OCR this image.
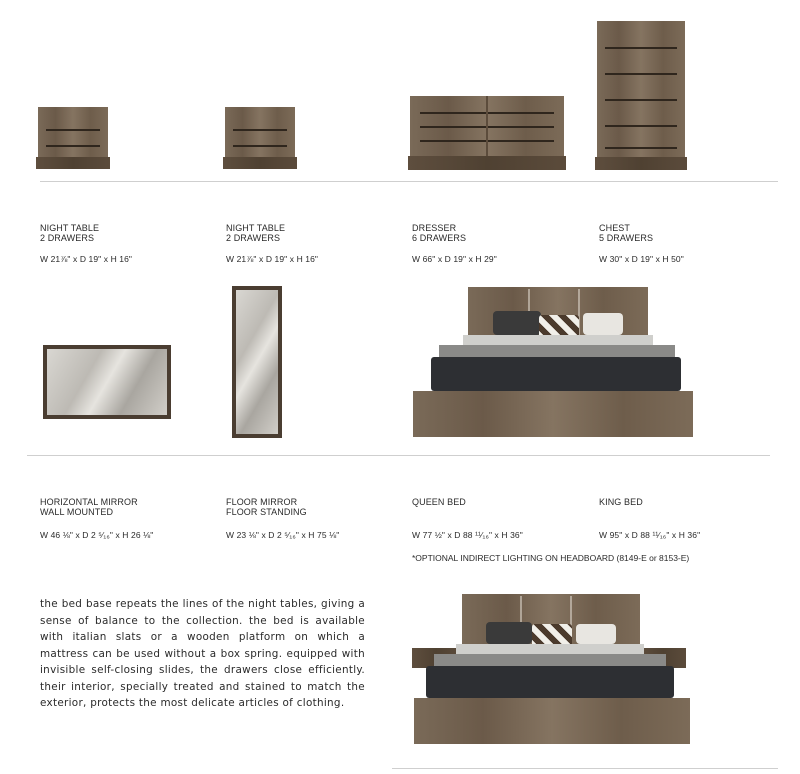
NIGHT TABLE
2 DRAWERS
W 21⅞" x D 19" x H 16"
NIGHT TABLE
2 DRAWERS
W 21⅞" x D 19" x H 16"
DRESSER
6 DRAWERS
W 66" x D 19" x H 29"
CHEST
5 DRAWERS
W 30" x D 19" x H 50"
HORIZONTAL MIRROR
WALL MOUNTED
W 46 ⅛" x D 2 ⁵⁄₁₆" x H 26 ⅛"
FLOOR MIRROR
FLOOR STANDING
W 23 ⅛" x D 2 ⁵⁄₁₆" x H 75 ⅛"
QUEEN BED
W 77 ½" x D 88 ¹¹⁄₁₆" x H 36"
KING BED
W 95" x D 88 ¹¹⁄₁₆" x H 36"
*OPTIONAL INDIRECT LIGHTING ON HEADBOARD (8149-E or 8153-E)
the bed base repeats the lines of the night tables, giving a sense of balance to the collection. the bed is available with italian slats or a wooden platform on which a mattress can be used without a box spring. equipped with invisible self-closing slides, the drawers close efficiently. their interior, specially treated and stained to match the exterior, protects the most delicate articles of clothing.
